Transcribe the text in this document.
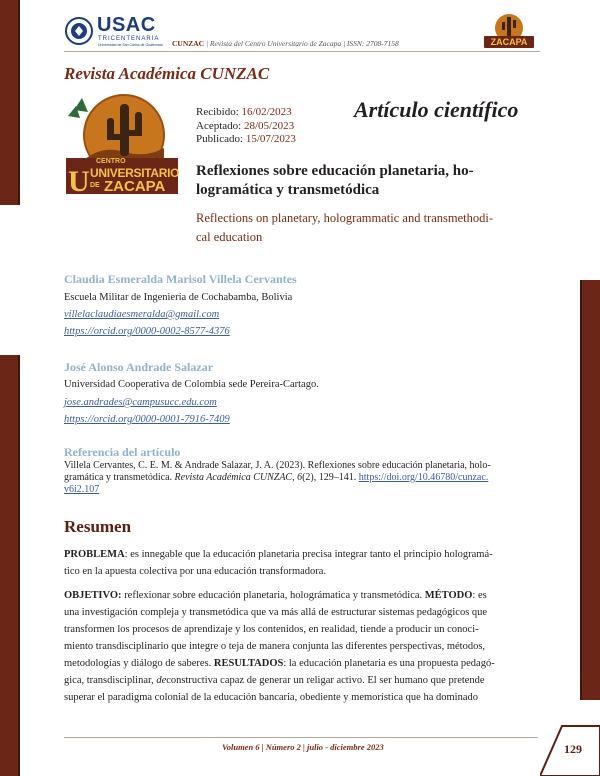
USAC
TRICENTENARIA
Universidad de San Carlos de Guatemala CUNZAC | Revista del Centro Universitario de Zacapa | ISSN: 2708-7158	ZACAPA
Revista Académica CUNZAC
U
CENTRO
UNIVERSITARIO
DE ZACAPA
Recibido: 16/02/2023
Aceptado: 28/05/2023
Publicado: 15/07/2023
Artículo científico
Reflexiones sobre educación planetaria, ho-
logramática y transmetódica
Reflections on planetary, hologrammatic and transmethodi-
cal education
Claudia Esmeralda Marisol Villela Cervantes
Escuela Militar de Ingeniería de Cochabamba, Bolivia
villelaclaudiaesmeralda@gmail.com
https://orcid.org/0000-0002-8577-4376
José Alonso Andrade Salazar
Universidad Cooperativa de Colombia sede Pereira-Cartago.
jose.andrades@campusucc.edu.com
https://orcid.org/0000-0001-7916-7409
Referencia del artículo
Villela Cervantes, C. E. M. & Andrade Salazar, J. A. (2023). Reflexiones sobre educación planetaria, holo-
gramática y transmetódica. Revista Académica CUNZAC, 6(2), 129–141. https://doi.org/10.46780/cunzac.
v6i2.107
Resumen
PROBLEMA: es innegable que la educación planetaria precisa integrar tanto el principio hologramá-
tico en la apuesta colectiva por una educación transformadora.
OBJETIVO: reflexionar sobre educación planetaria, holográmatica y transmetódica. MÉTODO: es
una investigación compleja y transmetódica que va más allá de estructurar sistemas pedagógicos que
transformen los procesos de aprendizaje y los contenidos, en realidad, tiende a producir un conoci-
miento transdisciplinario que integre o teja de manera conjunta las diferentes perspectivas, métodos,
metodologías y diálogo de saberes. RESULTADOS: la educación planetaria es una propuesta pedagó-
gica, transdisciplinar, deconstructiva capaz de generar un religar activo. El ser humano que pretende
superar el paradigma colonial de la educación bancaria, obediente y memorística que ha dominado
Volumen 6 | Número 2 | julio - diciembre 2023	129
